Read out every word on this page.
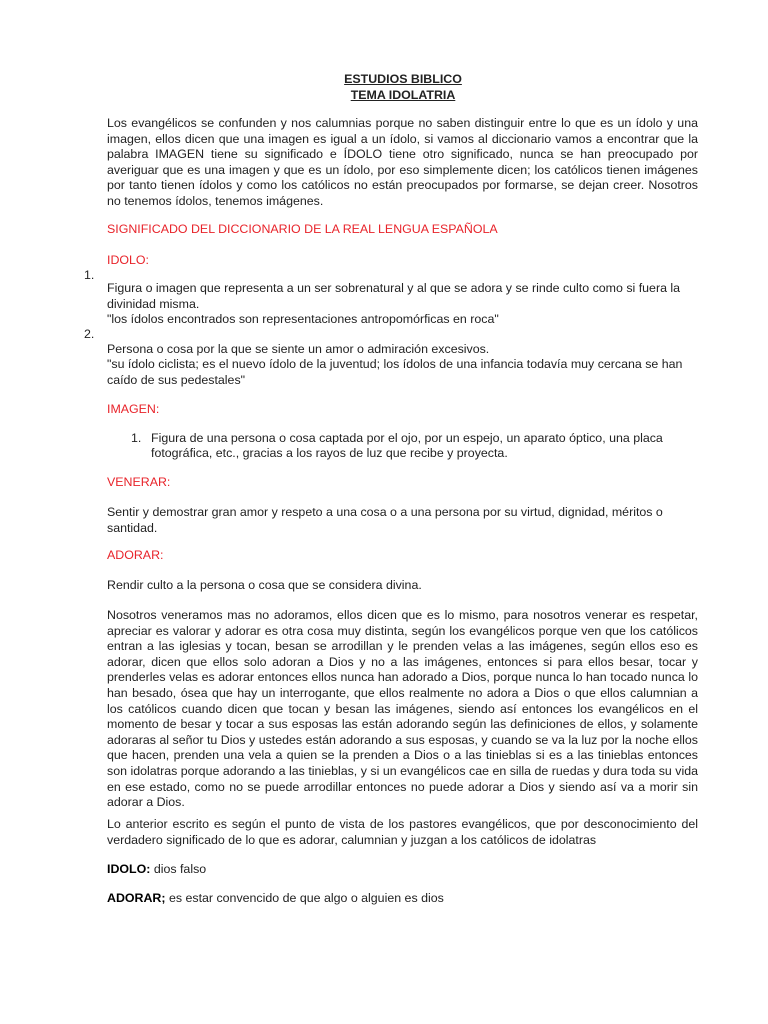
ESTUDIOS BIBLICO
TEMA IDOLATRIA

Los evangélicos se confunden y nos calumnias porque no saben distinguir entre lo que es un ídolo y una imagen, ellos dicen que una imagen es igual a un ídolo, si vamos al diccionario vamos a encontrar que la palabra IMAGEN tiene su significado e ÍDOLO tiene otro significado, nunca se han preocupado por averiguar que es una imagen y que es un ídolo, por eso simplemente dicen; los católicos tienen imágenes por tanto tienen ídolos y como los católicos no están preocupados por formarse, se dejan creer. Nosotros no tenemos ídolos, tenemos imágenes.

SIGNIFICADO DEL DICCIONARIO DE LA REAL LENGUA ESPAÑOLA

IDOLO:

1.

Figura o imagen que representa a un ser sobrenatural y al que se adora y se rinde culto como si fuera la divinidad misma.

"los ídolos encontrados son representaciones antropomórficas en roca"

2.

Persona o cosa por la que se siente un amor o admiración excesivos.

"su ídolo ciclista; es el nuevo ídolo de la juventud; los ídolos de una infancia todavía muy cercana se han caído de sus pedestales"

IMAGEN:

1. Figura de una persona o cosa captada por el ojo, por un espejo, un aparato óptico, una placa

fotográfica, etc., gracias a los rayos de luz que recibe y proyecta.

VENERAR:

Sentir y demostrar gran amor y respeto a una cosa o a una persona por su virtud, dignidad, méritos o santidad.

ADORAR:

Rendir culto a la persona o cosa que se considera divina.

Nosotros veneramos mas no adoramos, ellos dicen que es lo mismo, para nosotros venerar es respetar, apreciar es valorar y adorar es otra cosa muy distinta, según los evangélicos porque ven que los católicos entran a las iglesias y tocan, besan se arrodillan y le prenden velas a las imágenes, según ellos eso es adorar, dicen que ellos solo adoran a Dios y no a las imágenes, entonces si para ellos besar, tocar y prenderles velas es adorar entonces ellos nunca han adorado a Dios, porque nunca lo han tocado nunca lo han besado, ósea que hay un interrogante, que ellos realmente no adora a Dios o que ellos calumnian a los católicos cuando dicen que tocan y besan las imágenes, siendo así entonces los evangélicos en el momento de besar y tocar a sus esposas las están adorando según las definiciones de ellos, y solamente adoraras al señor tu Dios y ustedes están adorando a sus esposas, y cuando se va la luz por la noche ellos que hacen, prenden una vela a quien se la prenden a Dios o a las tinieblas si es a las tinieblas entonces son idolatras porque adorando a las tinieblas, y si un evangélicos cae en silla de ruedas y dura toda su vida en ese estado, como no se puede arrodillar entonces no puede adorar a Dios y siendo así va a morir sin adorar a Dios.

Lo anterior escrito es según el punto de vista de los pastores evangélicos, que por desconocimiento del verdadero significado de lo que es adorar, calumnian y juzgan a los católicos de idolatras

IDOLO: dios falso

ADORAR; es estar convencido de que algo o alguien es dios
